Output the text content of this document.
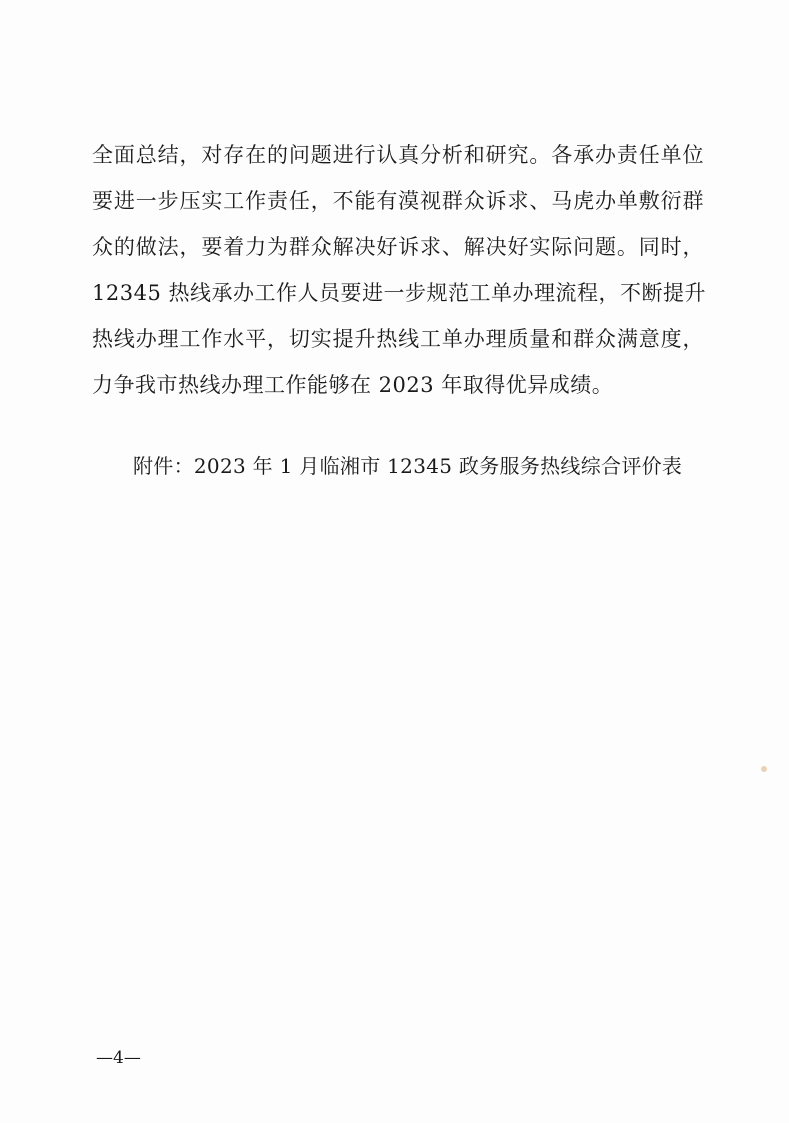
全面总结，对存在的问题进行认真分析和研究。各承办责任单位
要进一步压实工作责任，不能有漠视群众诉求、马虎办单敷衍群
众的做法，要着力为群众解决好诉求、解决好实际问题。同时，
12345 热线承办工作人员要进一步规范工单办理流程，不断提升
热线办理工作水平，切实提升热线工单办理质量和群众满意度，
力争我市热线办理工作能够在 2023 年取得优异成绩。
附件：2023 年 1 月临湘市 12345 政务服务热线综合评价表
—4—
